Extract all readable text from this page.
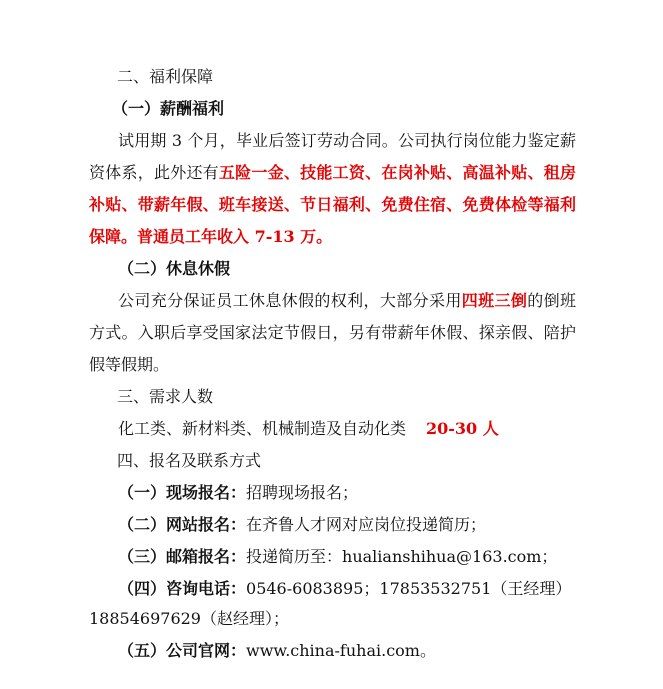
二、福利保障
（一）薪酬福利
试用期 3 个月，毕业后签订劳动合同。公司执行岗位能力鉴定薪
资体系，此外还有五险一金、技能工资、在岗补贴、高温补贴、租房
补贴、带薪年假、班车接送、节日福利、免费住宿、免费体检等福利
保障。普通员工年收入 7-13 万。
（二）休息休假
公司充分保证员工休息休假的权利，大部分采用四班三倒的倒班
方式。入职后享受国家法定节假日，另有带薪年休假、探亲假、陪护
假等假期。
三、需求人数
化工类、新材料类、机械制造及自动化类 20-30 人
四、报名及联系方式
（一）现场报名：招聘现场报名；
（二）网站报名：在齐鲁人才网对应岗位投递简历；
（三）邮箱报名：投递简历至：hualianshihua@163.com；
（四）咨询电话：0546-6083895；17853532751（王经理）
18854697629（赵经理）；
（五）公司官网：www.china-fuhai.com。
